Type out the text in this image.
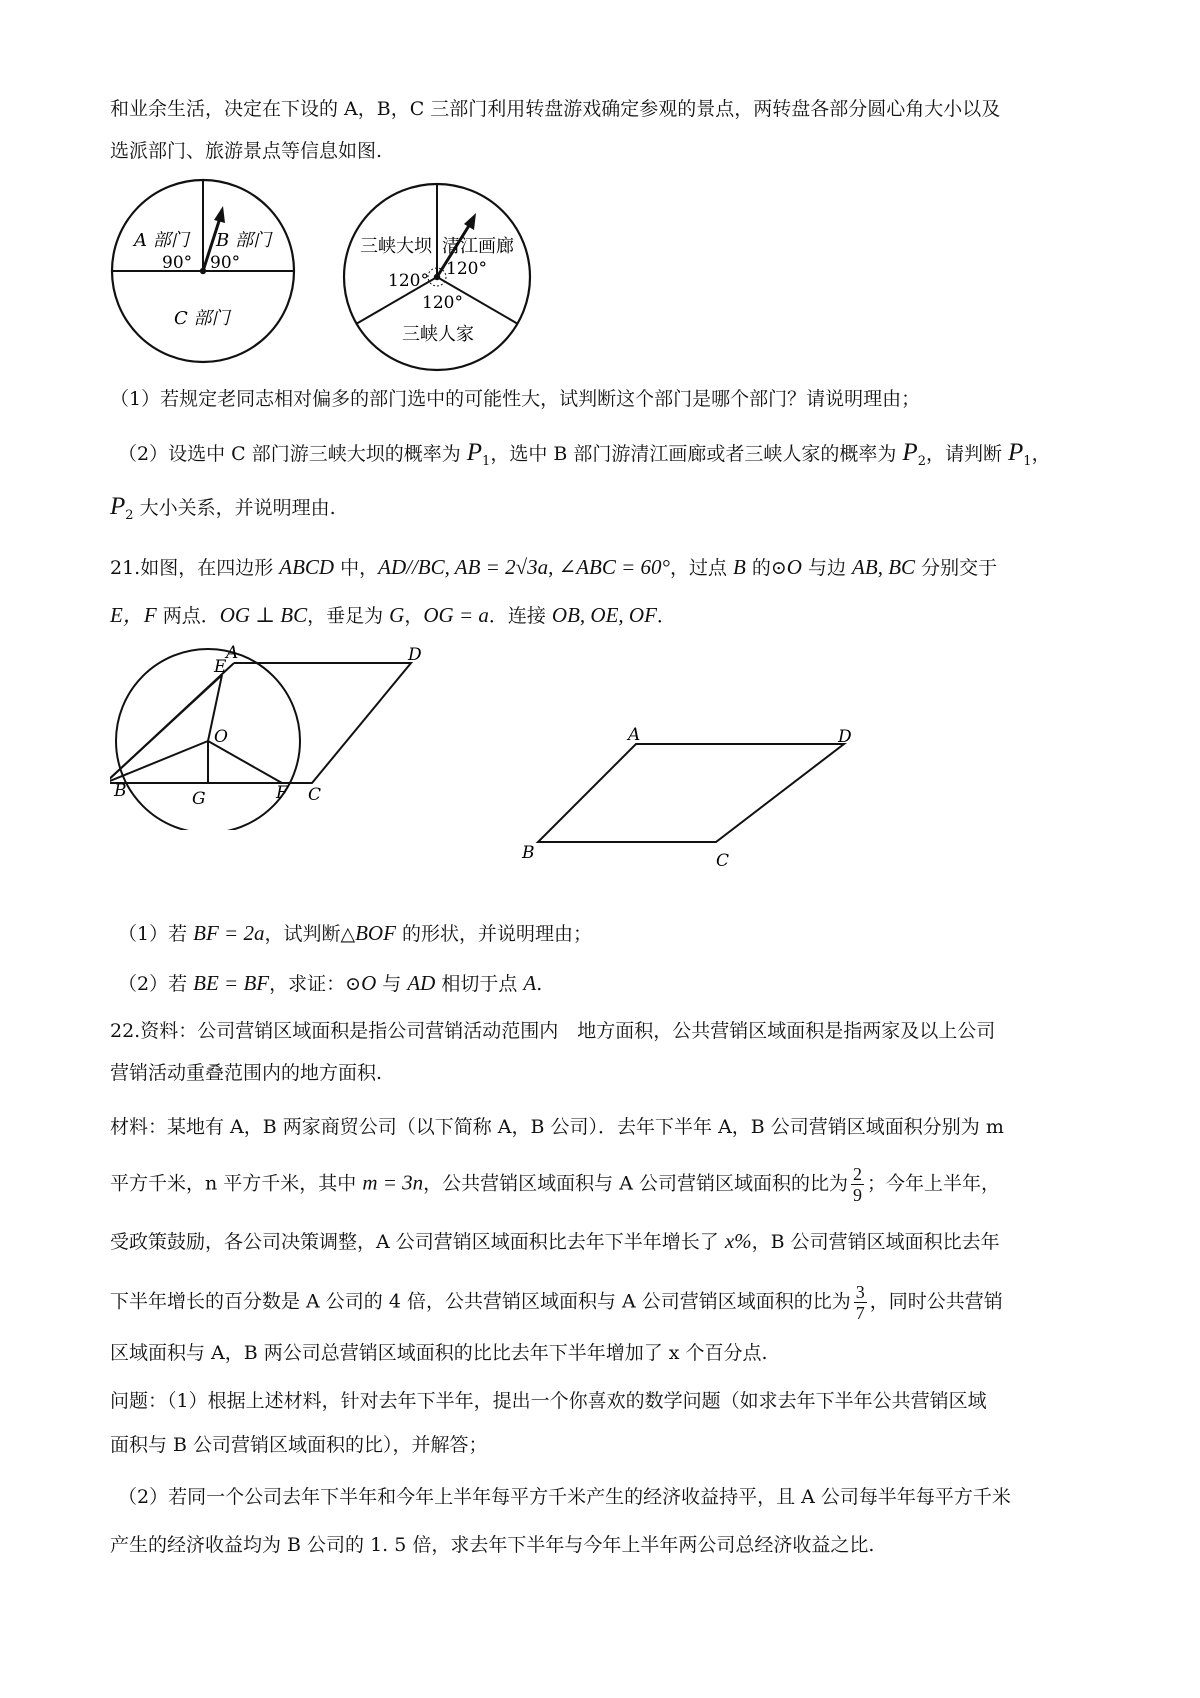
和业余生活，决定在下设的 A，B，C 三部门利用转盘游戏确定参观的景点，两转盘各部分圆心角大小以及
选派部门、旅游景点等信息如图.
A 部门 B 部门
C 部门
90° 90°
三峡大坝 清江画廊
三峡人家
120°
120°
120°
（1）若规定老同志相对偏多的部门选中的可能性大，试判断这个部门是哪个部门？请说明理由；
（2）设选中 C 部门游三峡大坝的概率为 $P_1$，选中 B 部门游清江画廊或者三峡人家的概率为 $P_2$，请判断 $P_1$，
$P_2$ 大小关系，并说明理由.
21.如图，在四边形 ABCD 中，AD//BC, AB = 2√3a, ∠ABC = 60°，过点 B 的⊙O 与边 AB, BC 分别交于
E，F 两点．OG ⊥ BC，垂足为 G，OG = a．连接 OB, OE, OF．
A
E
D
O
B	G	F C
A	D
B	C
（1）若 BF = 2a，试判断△BOF 的形状，并说明理由；
（2）若 BE = BF，求证：⊙O 与 AD 相切于点 A.
22.资料：公司营销区域面积是指公司营销活动范围内　地方面积，公共营销区域面积是指两家及以上公司
营销活动重叠范围内的地方面积.
材料：某地有 A，B 两家商贸公司（以下简称 A，B 公司）．去年下半年 A，B 公司营销区域面积分别为 m
平方千米，n 平方千米，其中 m = 3n，公共营销区域面积与 A 公司营销区域面积的比为 $\frac{2}{9}$ ；今年上半年，
受政策鼓励，各公司决策调整，A 公司营销区域面积比去年下半年增长了 x%，B 公司营销区域面积比去年
下半年增长的百分数是 A 公司的 4 倍，公共营销区域面积与 A 公司营销区域面积的比为 $\frac{3}{7}$ ，同时公共营销
区域面积与 A，B 两公司总营销区域面积的比比去年下半年增加了 x 个百分点.
问题：（1）根据上述材料，针对去年下半年，提出一个你喜欢的数学问题（如求去年下半年公共营销区域
面积与 B 公司营销区域面积的比），并解答；
（2）若同一个公司去年下半年和今年上半年每平方千米产生的经济收益持平，且 A 公司每半年每平方千米
产生的经济收益均为 B 公司的 1. 5 倍，求去年下半年与今年上半年两公司总经济收益之比.
